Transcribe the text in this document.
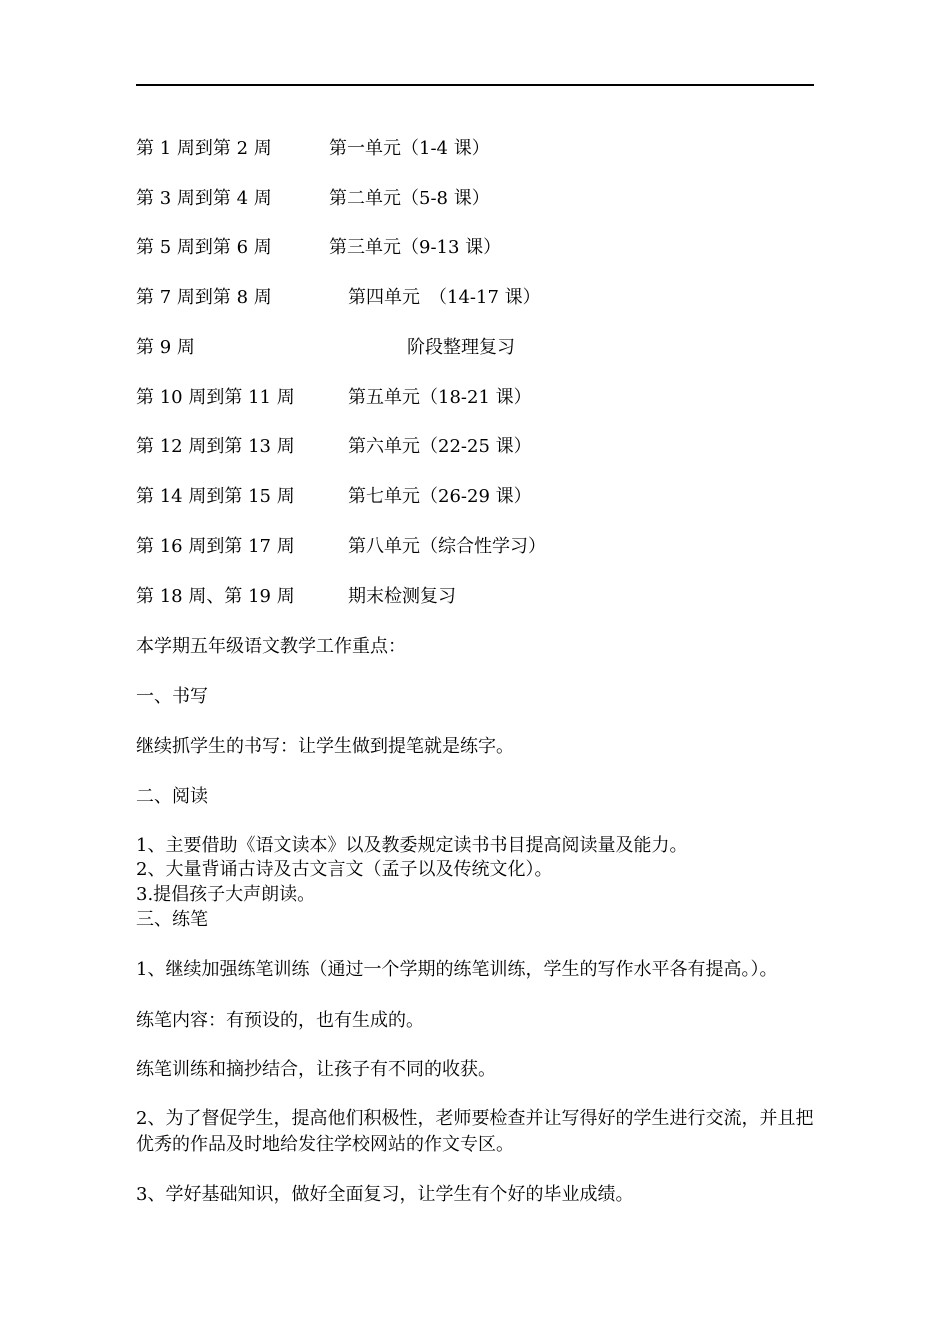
第 1 周到第 2 周	第一单元（1-4 课）
第 3 周到第 4 周	第二单元（5-8 课）
第 5 周到第 6 周	第三单元（9-13 课）
第 7 周到第 8 周	第四单元　（14-17 课）
第 9 周	阶段整理复习
第 10 周到第 11 周	第五单元（18-21 课）
第 12 周到第 13 周	第六单元（22-25 课）
第 14 周到第 15 周	第七单元（26-29 课）
第 16 周到第 17 周	第八单元（综合性学习）
第 18 周、第 19 周	期末检测复习
本学期五年级语文教学工作重点：
一、书写
继续抓学生的书写：让学生做到提笔就是练字。
二、阅读
1、主要借助《语文读本》以及教委规定读书书目提高阅读量及能力。
2、大量背诵古诗及古文言文（孟子以及传统文化）。
3.提倡孩子大声朗读。
三、练笔
1、继续加强练笔训练（通过一个学期的练笔训练，学生的写作水平各有提高。）。
练笔内容：有预设的，也有生成的。
练笔训练和摘抄结合，让孩子有不同的收获。
2、为了督促学生，提高他们积极性，老师要检查并让写得好的学生进行交流，并且把优秀的作品及时地给发往学校网站的作文专区。
3、学好基础知识，做好全面复习，让学生有个好的毕业成绩。
